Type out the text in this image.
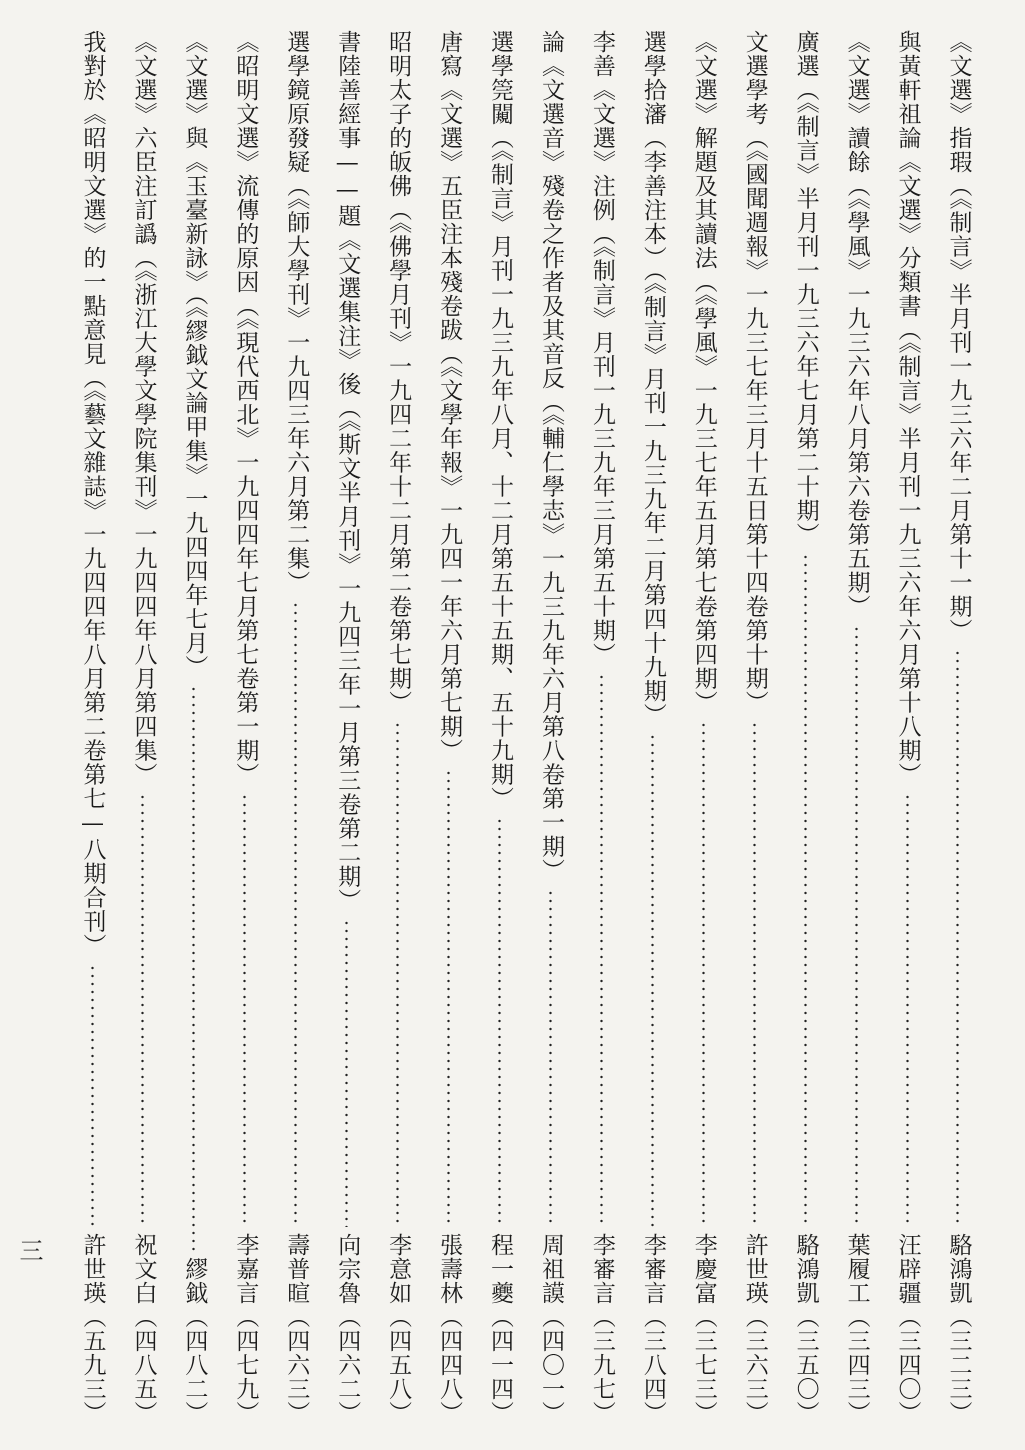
《文選》指瑕（《制言》半月刊一九三六年二月第十一期）
駱鴻凱（三二三）
與黃軒祖論《文選》分類書（《制言》半月刊一九三六年六月第十八期）
汪辟疆（三四〇）
《文選》讀餘（《學風》一九三六年八月第六卷第五期）
葉履工（三四三）
廣選（《制言》半月刊一九三六年七月第二十期）
駱鴻凱（三五〇）
文選學考（《國聞週報》一九三七年三月十五日第十四卷第十期）
許世瑛（三六三）
《文選》解題及其讀法（《學風》一九三七年五月第七卷第四期）
李慶富（三七三）
選學拾瀋（李善注本）（《制言》月刊一九三九年二月第四十九期）
李審言（三八四）
李善《文選》注例（《制言》月刊一九三九年三月第五十期）
李審言（三九七）
論《文選音》殘卷之作者及其音反（《輔仁學志》一九三九年六月第八卷第一期）
周祖謨（四〇一）
選學筦闚（《制言》月刊一九三九年八月、十二月第五十五期、五十九期）
程一夔（四一四）
唐寫《文選》五臣注本殘卷跋（《文學年報》一九四一年六月第七期）
張壽林（四四八）
昭明太子的皈佛（《佛學月刊》一九四二年十二月第二卷第七期）
李意如（四五八）
書陸善經事——題《文選集注》後（《斯文半月刊》一九四三年一月第三卷第二期）
向宗魯（四六二）
選學鏡原發疑（《師大學刊》一九四三年六月第二集）
壽普暄（四六三）
《昭明文選》流傳的原因（《現代西北》一九四四年七月第七卷第一期）
李嘉言（四七九）
《文選》與《玉臺新詠》（《繆鉞文論甲集》一九四四年七月）
繆鉞（四八二）
《文選》六臣注訂譌（《浙江大學文學院集刊》一九四四年八月第四集）
祝文白（四八五）
我對於《昭明文選》的一點意見（《藝文雜誌》一九四四年八月第二卷第七—八期合刊）
許世瑛（五九三）
三
